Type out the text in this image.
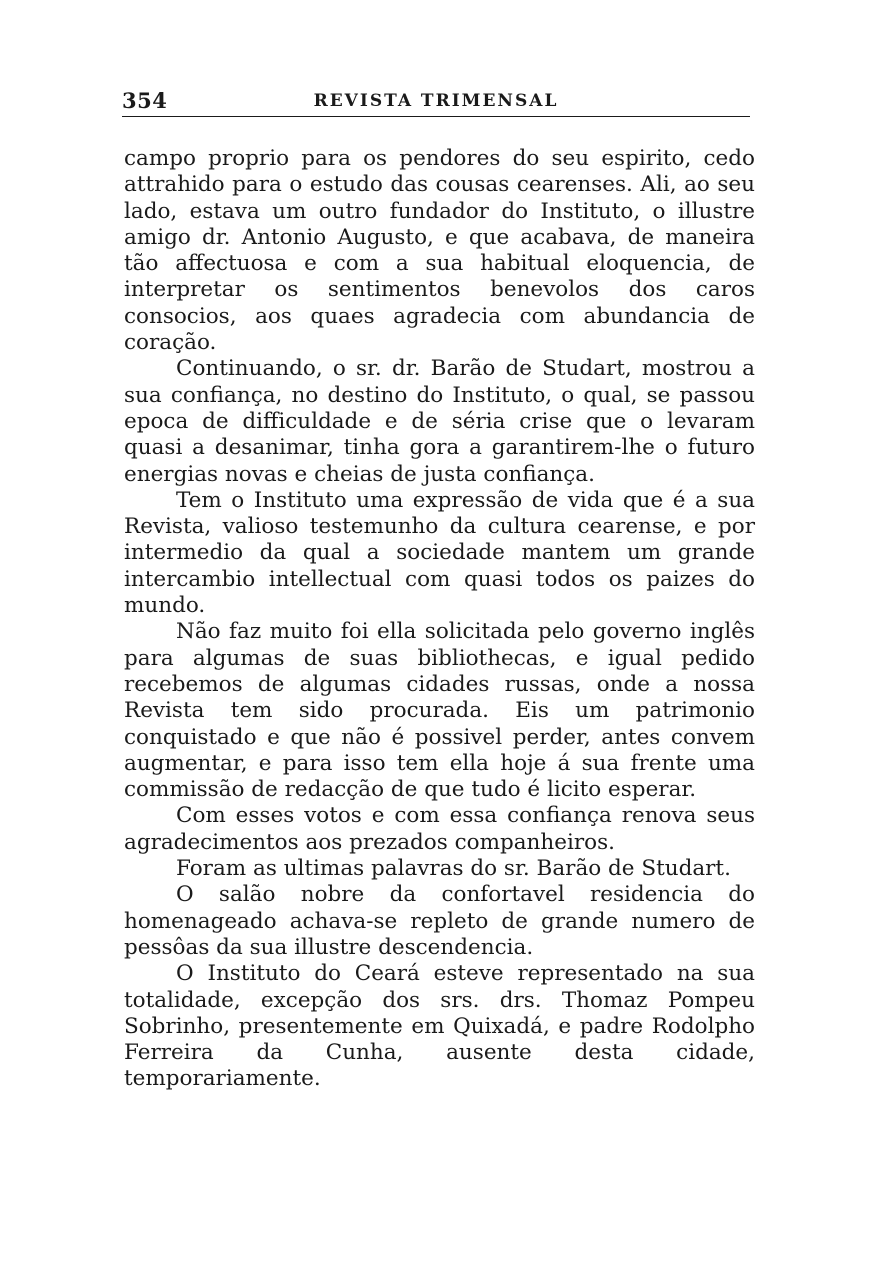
354	REVISTA TRIMENSAL

campo proprio para os pendores do seu espirito, cedo attrahido para o estudo das cousas cearenses. Ali, ao seu lado, estava um outro fundador do Instituto, o illustre amigo dr. Antonio Augusto, e que acabava, de maneira tão affectuosa e com a sua habitual eloquencia, de interpretar os sentimentos benevolos dos caros consocios, aos quaes agradecia com abundancia de coração.

Continuando, o sr. dr. Barão de Studart, mostrou a sua confiança, no destino do Instituto, o qual, se passou epoca de difficuldade e de séria crise que o levaram quasi a desanimar, tinha gora a garantirem-lhe o futuro energias novas e cheias de justa confiança.

Tem o Instituto uma expressão de vida que é a sua Revista, valioso testemunho da cultura cearense, e por intermedio da qual a sociedade mantem um grande intercambio intellectual com quasi todos os paizes do mundo.

Não faz muito foi ella solicitada pelo governo inglês para algumas de suas bibliothecas, e igual pedido recebemos de algumas cidades russas, onde a nossa Revista tem sido procurada. Eis um patrimonio conquistado e que não é possivel perder, antes convem augmentar, e para isso tem ella hoje á sua frente uma commissão de redacção de que tudo é licito esperar.

Com esses votos e com essa confiança renova seus agradecimentos aos prezados companheiros.

Foram as ultimas palavras do sr. Barão de Studart.

O salão nobre da confortavel residencia do homenageado achava-se repleto de grande numero de pessôas da sua illustre descendencia.

O Instituto do Ceará esteve representado na sua totalidade, excepção dos srs. drs. Thomaz Pompeu Sobrinho, presentemente em Quixadá, e padre Rodolpho Ferreira da Cunha, ausente desta cidade, temporariamente.
